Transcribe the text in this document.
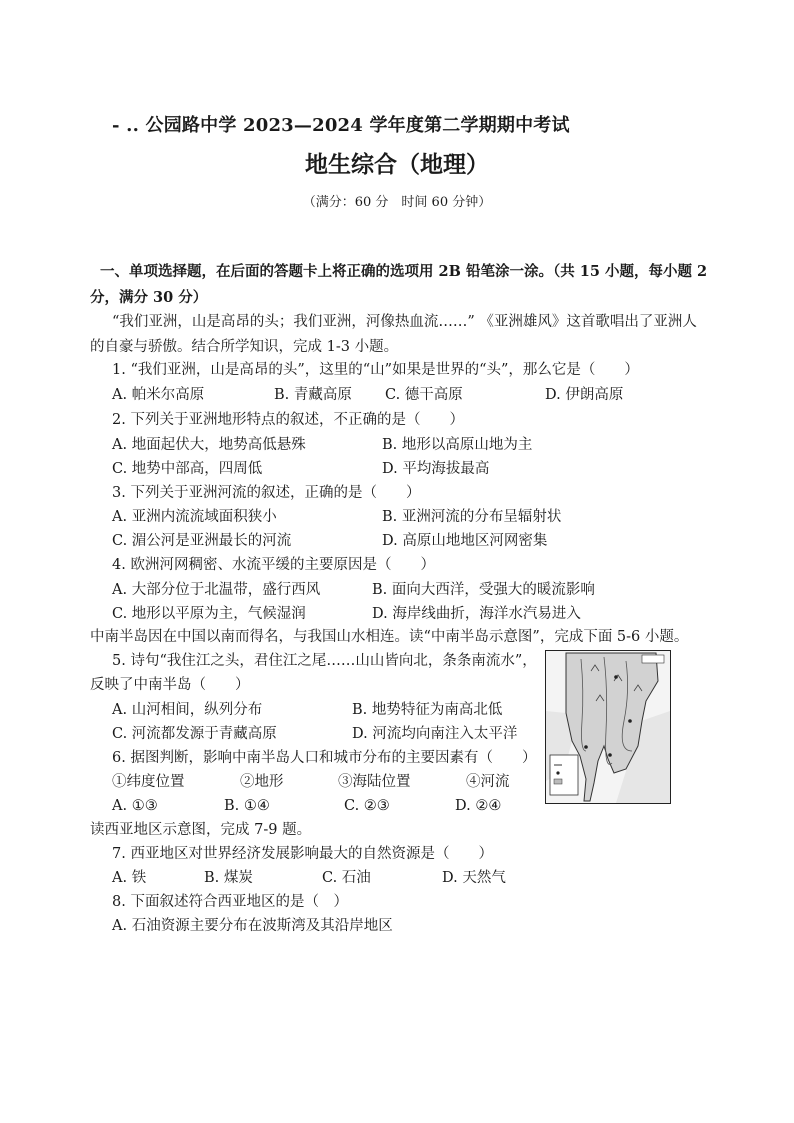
- .. 公园路中学 2023—2024 学年度第二学期期中考试
地生综合（地理）
（满分：60 分　时间 60 分钟）
一、单项选择题，在后面的答题卡上将正确的选项用 2B 铅笔涂一涂。（共 15 小题，每小题 2
分，满分 30 分）
“我们亚洲，山是高昂的头；我们亚洲，河像热血流……” 《亚洲雄风》这首歌唱出了亚洲人
的自豪与骄傲。结合所学知识，完成 1-3 小题。
1. “我们亚洲，山是高昂的头”，这里的“山”如果是世界的“头”，那么它是（　　）
A. 帕米尔高原	B. 青藏高原 C. 德干高原	D. 伊朗高原
2. 下列关于亚洲地形特点的叙述，不正确的是（　　）
A. 地面起伏大，地势高低悬殊	B. 地形以高原山地为主
C. 地势中部高，四周低	D. 平均海拔最高
3. 下列关于亚洲河流的叙述，正确的是（　　）
A. 亚洲内流流域面积狭小	B. 亚洲河流的分布呈辐射状
C. 湄公河是亚洲最长的河流	D. 高原山地地区河网密集
4. 欧洲河网稠密、水流平缓的主要原因是（　　）
A. 大部分位于北温带，盛行西风	B. 面向大西洋，受强大的暖流影响
C. 地形以平原为主，气候湿润	D. 海岸线曲折，海洋水汽易进入
中南半岛因在中国以南而得名，与我国山水相连。读“中南半岛示意图”，完成下面 5-6 小题。
5. 诗句“我住江之头，君住江之尾……山山皆向北，条条南流水”，
反映了中南半岛（　　）
A. 山河相间，纵列分布	B. 地势特征为南高北低
C. 河流都发源于青藏高原	D. 河流均向南注入太平洋
6. 据图判断，影响中南半岛人口和城市分布的主要因素有（　　）
①纬度位置	②地形	③海陆位置	④河流
A. ①③	B. ①④	C. ②③	D. ②④
读西亚地区示意图，完成 7-9 题。
7. 西亚地区对世界经济发展影响最大的自然资源是（　　）
A. 铁	B. 煤炭	C. 石油	D. 天然气
8. 下面叙述符合西亚地区的是（　）
A. 石油资源主要分布在波斯湾及其沿岸地区
